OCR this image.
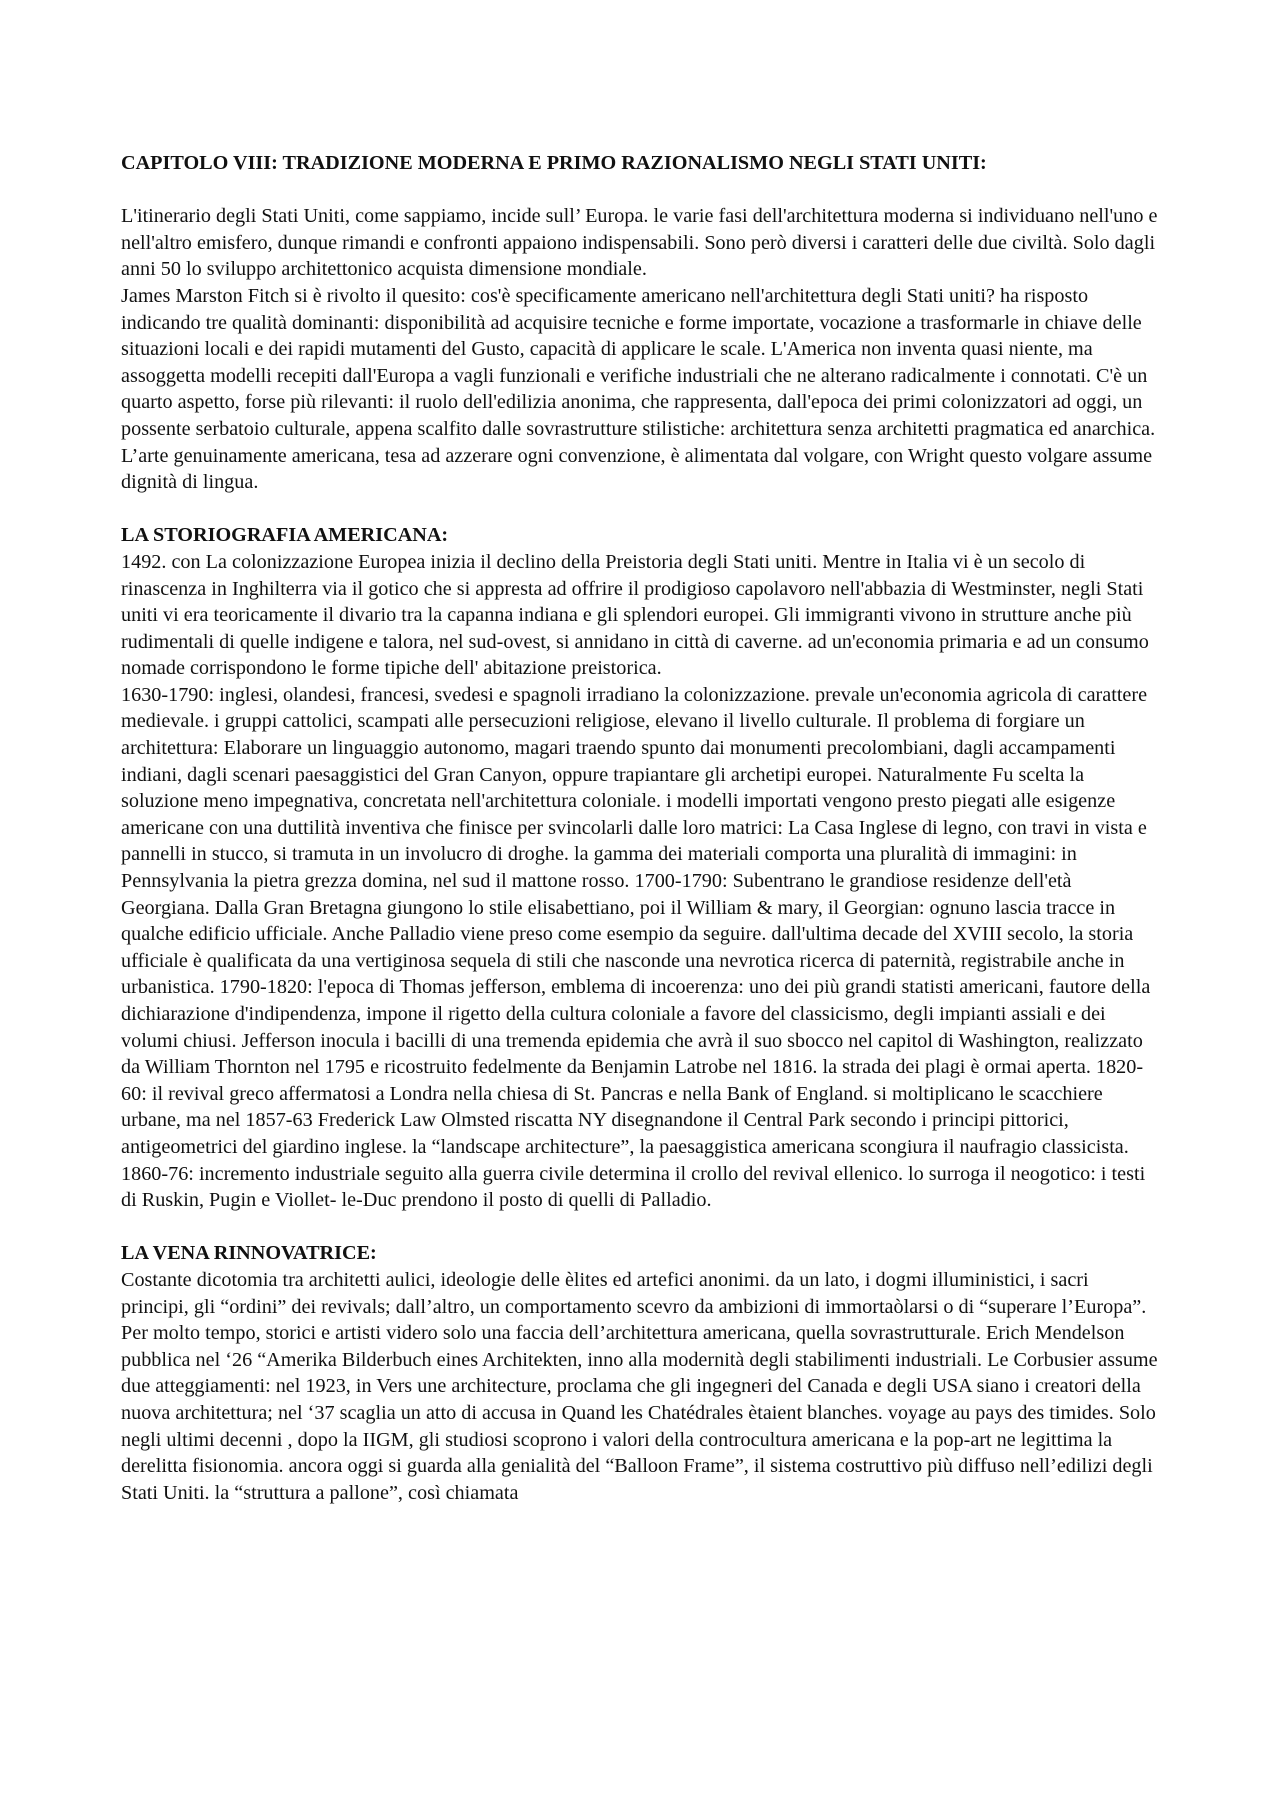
CAPITOLO VIII: TRADIZIONE MODERNA E PRIMO RAZIONALISMO NEGLI STATI UNITI:

L'itinerario degli Stati Uniti, come sappiamo, incide sull’ Europa. le varie fasi dell'architettura moderna si individuano nell'uno e nell'altro emisfero, dunque rimandi e confronti appaiono indispensabili. Sono però diversi i caratteri delle due civiltà. Solo dagli anni 50 lo sviluppo architettonico acquista dimensione mondiale.

James Marston Fitch si è rivolto il quesito: cos'è specificamente americano nell'architettura degli Stati uniti? ha risposto indicando tre qualità dominanti: disponibilità ad acquisire tecniche e forme importate, vocazione a trasformarle in chiave delle situazioni locali e dei rapidi mutamenti del Gusto, capacità di applicare le scale. L'America non inventa quasi niente, ma assoggetta modelli recepiti dall'Europa a vagli funzionali e verifiche industriali che ne alterano radicalmente i connotati. C'è un quarto aspetto, forse più rilevanti: il ruolo dell'edilizia anonima, che rappresenta, dall'epoca dei primi colonizzatori ad oggi, un possente serbatoio culturale, appena scalfito dalle sovrastrutture stilistiche: architettura senza architetti pragmatica ed anarchica. L’arte genuinamente americana, tesa ad azzerare ogni convenzione, è alimentata dal volgare, con Wright questo volgare assume dignità di lingua.

LA STORIOGRAFIA AMERICANA:

1492. con La colonizzazione Europea inizia il declino della Preistoria degli Stati uniti. Mentre in Italia vi è un secolo di rinascenza in Inghilterra via il gotico che si appresta ad offrire il prodigioso capolavoro nell'abbazia di Westminster, negli Stati uniti vi era teoricamente il divario tra la capanna indiana e gli splendori europei. Gli immigranti vivono in strutture anche più rudimentali di quelle indigene e talora, nel sud-ovest, si annidano in città di caverne. ad un'economia primaria e ad un consumo nomade corrispondono le forme tipiche dell' abitazione preistorica.

1630-1790: inglesi, olandesi, francesi, svedesi e spagnoli irradiano la colonizzazione. prevale un'economia agricola di carattere medievale. i gruppi cattolici, scampati alle persecuzioni religiose, elevano il livello culturale. Il problema di forgiare un architettura: Elaborare un linguaggio autonomo, magari traendo spunto dai monumenti precolombiani, dagli accampamenti indiani, dagli scenari paesaggistici del Gran Canyon, oppure trapiantare gli archetipi europei. Naturalmente Fu scelta la soluzione meno impegnativa, concretata nell'architettura coloniale. i modelli importati vengono presto piegati alle esigenze americane con una duttilità inventiva che finisce per svincolarli dalle loro matrici: La Casa Inglese di legno, con travi in vista e pannelli in stucco, si tramuta in un involucro di droghe. la gamma dei materiali comporta una pluralità di immagini: in Pennsylvania la pietra grezza domina, nel sud il mattone rosso. 1700-1790: Subentrano le grandiose residenze dell'età Georgiana. Dalla Gran Bretagna giungono lo stile elisabettiano, poi il William & mary, il Georgian: ognuno lascia tracce in qualche edificio ufficiale. Anche Palladio viene preso come esempio da seguire. dall'ultima decade del XVIII secolo, la storia ufficiale è qualificata da una vertiginosa sequela di stili che nasconde una nevrotica ricerca di paternità, registrabile anche in urbanistica. 1790-1820: l'epoca di Thomas jefferson, emblema di incoerenza: uno dei più grandi statisti americani, fautore della dichiarazione d'indipendenza, impone il rigetto della cultura coloniale a favore del classicismo, degli impianti assiali e dei volumi chiusi. Jefferson inocula i bacilli di una tremenda epidemia che avrà il suo sbocco nel capitol di Washington, realizzato da William Thornton nel 1795 e ricostruito fedelmente da Benjamin Latrobe nel 1816. la strada dei plagi è ormai aperta. 1820-60: il revival greco affermatosi a Londra nella chiesa di St. Pancras e nella Bank of England. si moltiplicano le scacchiere urbane, ma nel 1857-63 Frederick Law Olmsted riscatta NY disegnandone il Central Park secondo i principi pittorici, antigeometrici del giardino inglese. la “landscape architecture”, la paesaggistica americana scongiura il naufragio classicista. 1860-76: incremento industriale seguito alla guerra civile determina il crollo del revival ellenico. lo surroga il neogotico: i testi di Ruskin, Pugin e Viollet- le-Duc prendono il posto di quelli di Palladio.

LA VENA RINNOVATRICE:

Costante dicotomia tra architetti aulici, ideologie delle èlites ed artefici anonimi. da un lato, i dogmi illuministici, i sacri principi, gli “ordini” dei revivals; dall’altro, un comportamento scevro da ambizioni di immortaòlarsi o di “superare l’Europa”. Per molto tempo, storici e artisti videro solo una faccia dell’architettura americana, quella sovrastrutturale. Erich Mendelson pubblica nel ‘26 “Amerika Bilderbuch eines Architekten, inno alla modernità degli stabilimenti industriali. Le Corbusier assume due atteggiamenti: nel 1923, in Vers une architecture, proclama che gli ingegneri del Canada e degli USA siano i creatori della nuova architettura; nel ‘37 scaglia un atto di accusa in Quand les Chatédrales ètaient blanches. voyage au pays des timides. Solo negli ultimi decenni , dopo la IIGM, gli studiosi scoprono i valori della controcultura americana e la pop-art ne legittima la derelitta fisionomia. ancora oggi si guarda alla genialità del “Balloon Frame”, il sistema costruttivo più diffuso nell’edilizi degli Stati Uniti. la “struttura a pallone”, così chiamata
